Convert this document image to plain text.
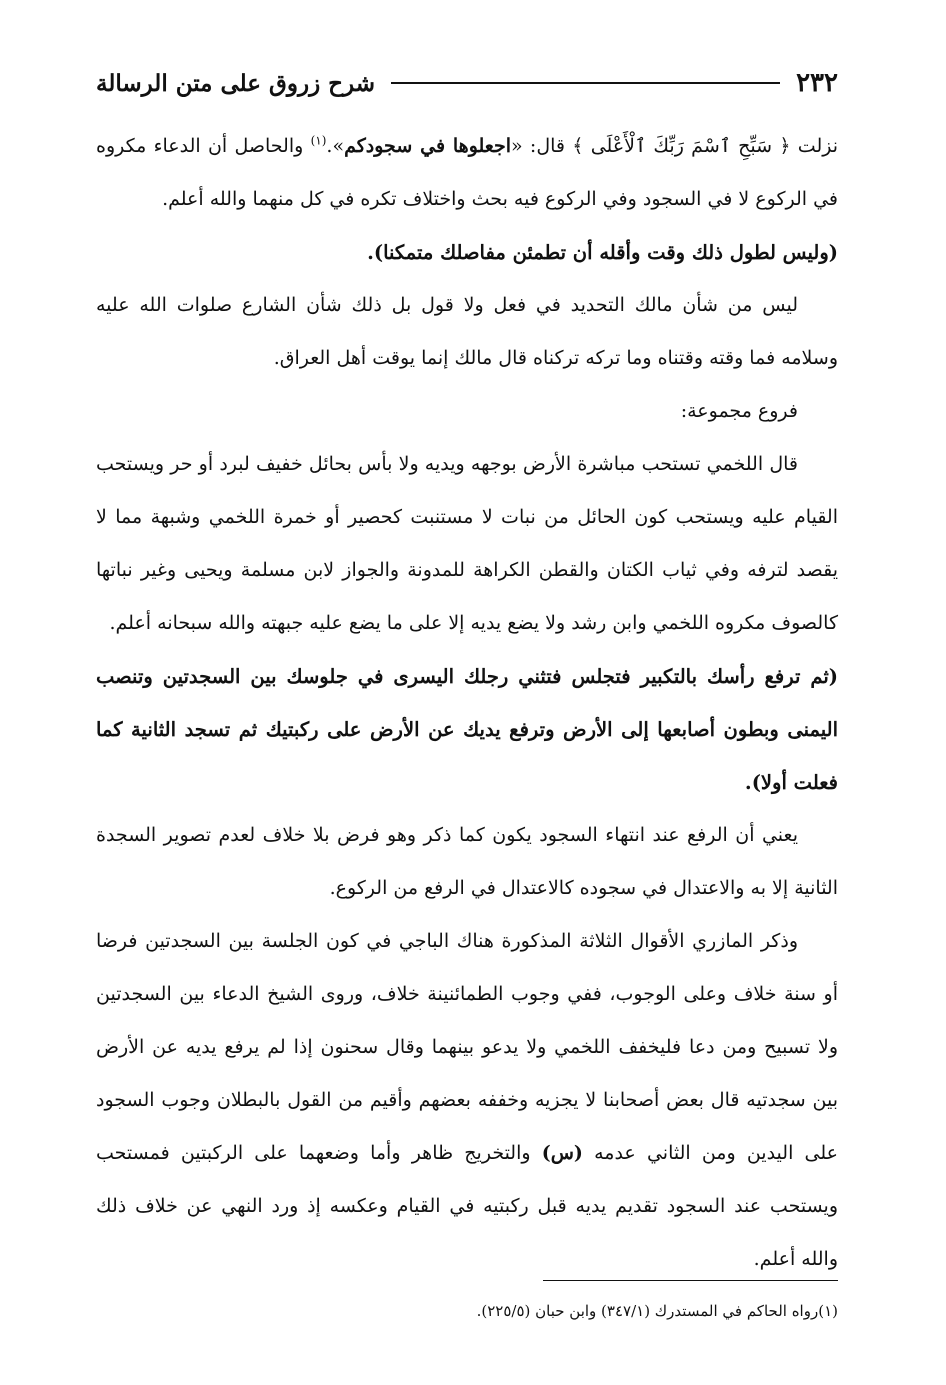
٢٣٢
شرح زروق على متن الرسالة

نزلت ﴿ سَبِّحِ ٱسْمَ رَبِّكَ ٱلْأَعْلَى ﴾ قال: «اجعلوها في سجودكم».$^{(١)}$ والحاصل أن الدعاء مكروه في الركوع لا في السجود وفي الركوع فيه بحث واختلاف تكره في كل منهما والله أعلم.

(وليس لطول ذلك وقت وأقله أن تطمئن مفاصلك متمكنا).

ليس من شأن مالك التحديد في فعل ولا قول بل ذلك شأن الشارع صلوات الله عليه وسلامه فما وقته وقتناه وما تركه تركناه قال مالك إنما يوقت أهل العراق.

فروع مجموعة:

قال اللخمي تستحب مباشرة الأرض بوجهه ويديه ولا بأس بحائل خفيف لبرد أو حر ويستحب القيام عليه ويستحب كون الحائل من نبات لا مستنبت كحصير أو خمرة اللخمي وشبهة مما لا يقصد لترفه وفي ثياب الكتان والقطن الكراهة للمدونة والجواز لابن مسلمة ويحيى وغير نباتها كالصوف مكروه اللخمي وابن رشد ولا يضع يديه إلا على ما يضع عليه جبهته والله سبحانه أعلم.

(ثم ترفع رأسك بالتكبير فتجلس فتثني رجلك اليسرى في جلوسك بين السجدتين وتنصب اليمنى وبطون أصابعها إلى الأرض وترفع يديك عن الأرض على ركبتيك ثم تسجد الثانية كما فعلت أولا).

يعني أن الرفع عند انتهاء السجود يكون كما ذكر وهو فرض بلا خلاف لعدم تصوير السجدة الثانية إلا به والاعتدال في سجوده كالاعتدال في الرفع من الركوع.

وذكر المازري الأقوال الثلاثة المذكورة هناك الباجي في كون الجلسة بين السجدتين فرضا أو سنة خلاف وعلى الوجوب، ففي وجوب الطمائنينة خلاف، وروى الشيخ الدعاء بين السجدتين ولا تسبيح ومن دعا فليخفف اللخمي ولا يدعو بينهما وقال سحنون إذا لم يرفع يديه عن الأرض بين سجدتيه قال بعض أصحابنا لا يجزيه وخففه بعضهم وأقيم من القول بالبطلان وجوب السجود على اليدين ومن الثاني عدمه (س) والتخريج ظاهر وأما وضعهما على الركبتين فمستحب ويستحب عند السجود تقديم يديه قبل ركبتيه في القيام وعكسه إذ ورد النهي عن خلاف ذلك والله أعلم.

(١)رواه الحاكم في المستدرك (٣٤٧/١) وابن حبان (٢٢٥/٥).
